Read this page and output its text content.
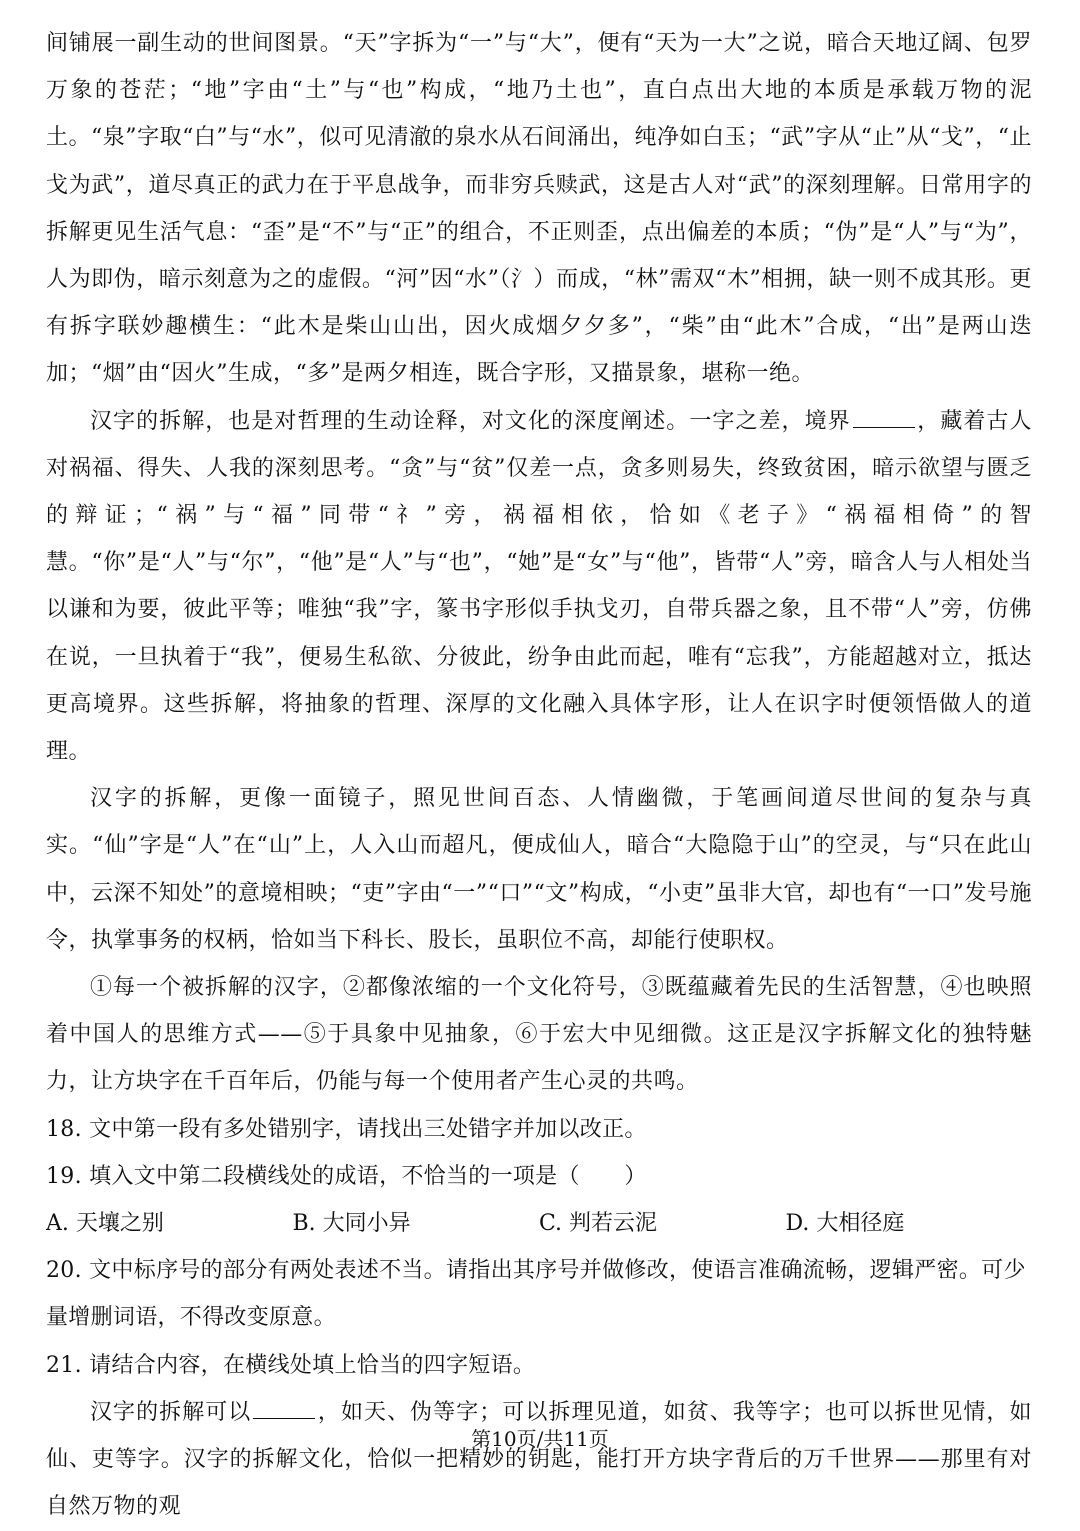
间铺展一副生动的世间图景。“天”字拆为“一”与“大”，便有“天为一大”之说，暗合天地辽阔、包罗万象的苍茫；“地”字由“土”与“也”构成，“地乃土也”，直白点出大地的本质是承载万物的泥土。“泉”字取“白”与“水”，似可见清澈的泉水从石间涌出，纯净如白玉；“武”字从“止”从“戈”，“止戈为武”，道尽真正的武力在于平息战争，而非穷兵赎武，这是古人对“武”的深刻理解。日常用字的拆解更见生活气息：“歪”是“不”与“正”的组合，不正则歪，点出偏差的本质；“伪”是“人”与“为”，人为即伪，暗示刻意为之的虚假。“河”因“水”（氵）而成，“林”需双“木”相拥，缺一则不成其形。更有拆字联妙趣横生：“此木是柴山山出，因火成烟夕夕多”，“柴”由“此木”合成，“出”是两山迭加；“烟”由“因火”生成，“多”是两夕相连，既合字形，又描景象，堪称一绝。

汉字的拆解，也是对哲理的生动诠释，对文化的深度阐述。一字之差，境界	，藏着古人对祸福、得失、人我的深刻思考。“贪”与“贫”仅差一点，贪多则易失，终致贫困，暗示欲望与匮乏的辩证；“祸”与“福”同带“礻”旁，祸福相依，恰如《老子》“祸福相倚”的智慧。“你”是“人”与“尔”，“他”是“人”与“也”，“她”是“女”与“他”，皆带“人”旁，暗含人与人相处当以谦和为要，彼此平等；唯独“我”字，篆书字形似手执戈刃，自带兵器之象，且不带“人”旁，仿佛在说，一旦执着于“我”，便易生私欲、分彼此，纷争由此而起，唯有“忘我”，方能超越对立，抵达更高境界。这些拆解，将抽象的哲理、深厚的文化融入具体字形，让人在识字时便领悟做人的道理。

汉字的拆解，更像一面镜子，照见世间百态、人情幽微，于笔画间道尽世间的复杂与真实。“仙”字是“人”在“山”上，人入山而超凡，便成仙人，暗合“大隐隐于山”的空灵，与“只在此山中，云深不知处”的意境相映；“吏”字由“一”“口”“文”构成，“小吏”虽非大官，却也有“一口”发号施令，执掌事务的权柄，恰如当下科长、股长，虽职位不高，却能行使职权。

①每一个被拆解的汉字，②都像浓缩的一个文化符号，③既蕴藏着先民的生活智慧，④也映照着中国人的思维方式——⑤于具象中见抽象，⑥于宏大中见细微。这正是汉字拆解文化的独特魅力，让方块字在千百年后，仍能与每一个使用者产生心灵的共鸣。

18. 文中第一段有多处错别字，请找出三处错字并加以改正。

19. 填入文中第二段横线处的成语，不恰当的一项是（　　）

A. 天壤之别	B. 大同小异	C. 判若云泥	D. 大相径庭

20. 文中标序号的部分有两处表述不当。请指出其序号并做修改，使语言准确流畅，逻辑严密。可少量增删词语，不得改变原意。

21. 请结合内容，在横线处填上恰当的四字短语。

汉字的拆解可以	，如天、伪等字；可以拆理见道，如贫、我等字；也可以拆世见情，如仙、吏等字。汉字的拆解文化，恰似一把精妙的钥匙，能打开方块字背后的万千世界——那里有对自然万物的观

第10页/共11页
